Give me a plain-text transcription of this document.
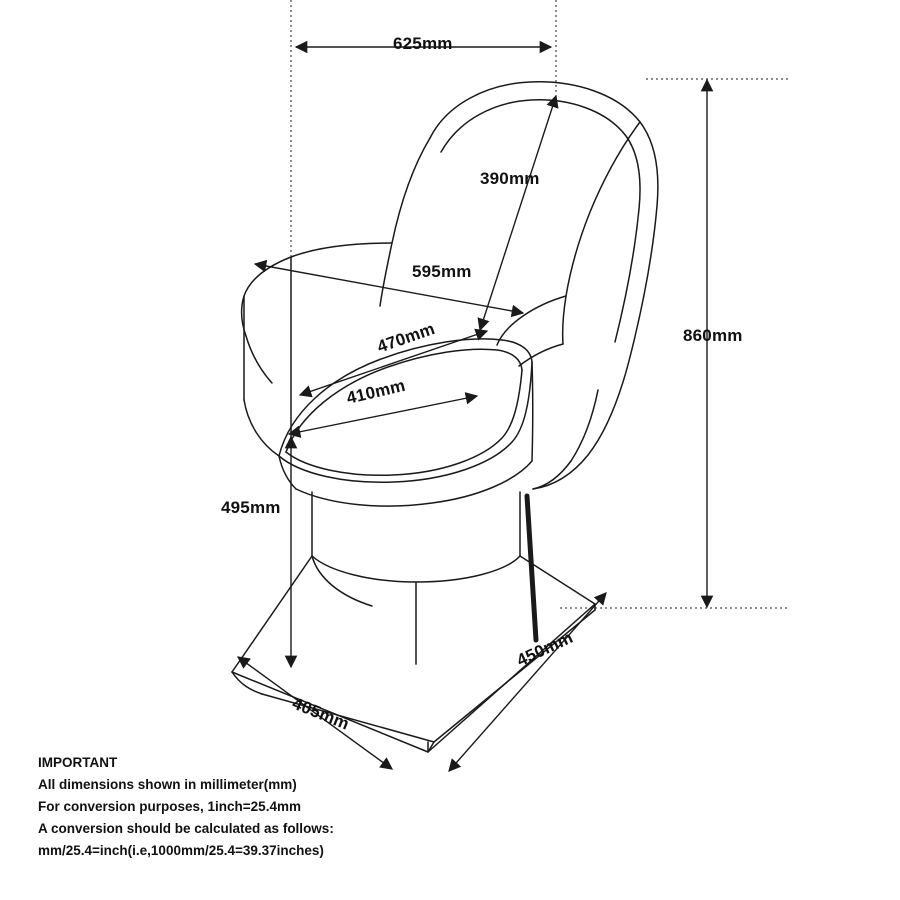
625mm
390mm
595mm
470mm
410mm
495mm
860mm
405mm
450mm
IMPORTANT
All dimensions shown in millimeter(mm)
For conversion purposes, 1inch=25.4mm
A conversion should be calculated as follows:
mm/25.4=inch(i.e,1000mm/25.4=39.37inches)
